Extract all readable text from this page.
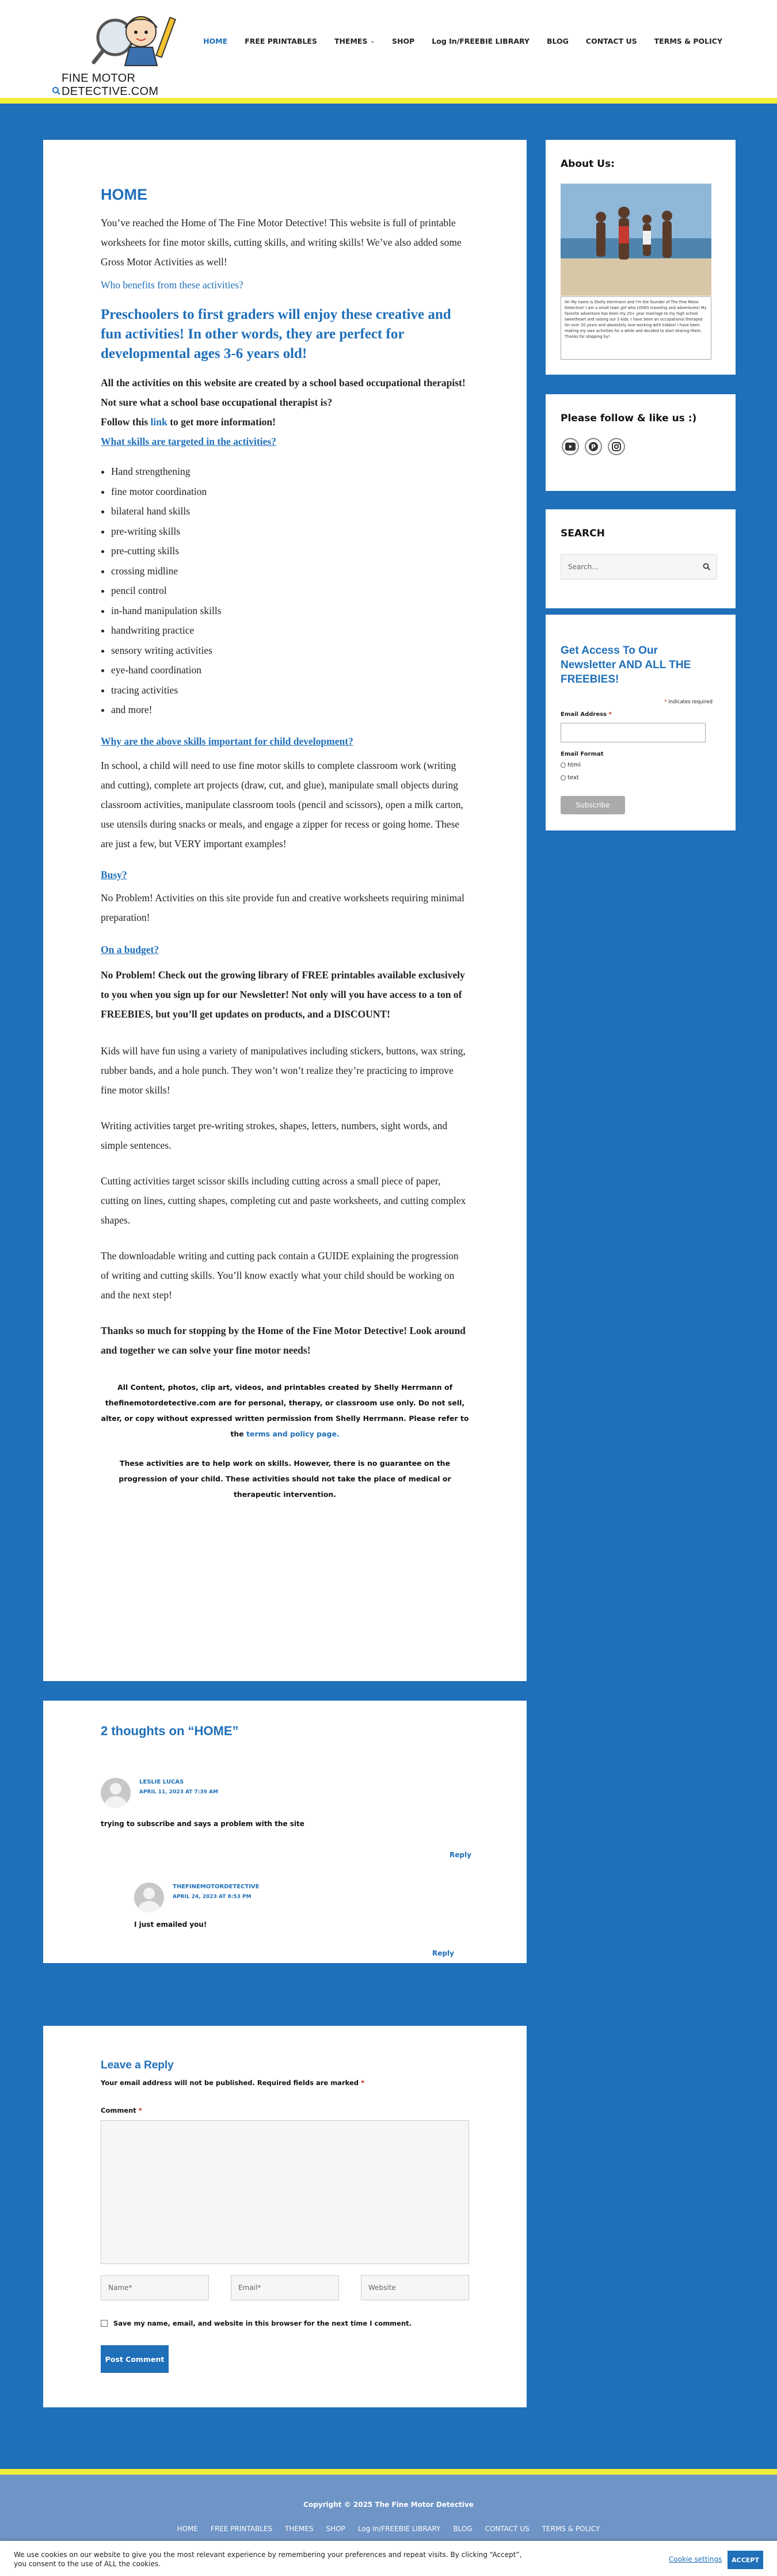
FINE MOTOR DETECTIVE.COM
HOME	FREE PRINTABLES	THEMES ⌄	SHOP	Log In/FREEBIE LIBRARY	BLOG	CONTACT US	TERMS & POLICY
HOME

You’ve reached the Home of The Fine Motor Detective! This website is full of printable worksheets for fine motor skills, cutting skills, and writing skills! We’ve also added some Gross Motor Activities as well!

Who benefits from these activities?

Preschoolers to first graders will enjoy these creative and fun activities! In other words, they are perfect for developmental ages 3-6 years old!

All the activities on this website are created by a school based occupational therapist! Not sure what a school base occupational therapist is?

Follow this link to get more information!

What skills are targeted in the activities?

• Hand strengthening
• fine motor coordination
• bilateral hand skills
• pre-writing skills
• pre-cutting skills
• crossing midline
• pencil control
• in-hand manipulation skills
• handwriting practice
• sensory writing activities
• eye-hand coordination
• tracing activities
• and more!

Why are the above skills important for child development?

In school, a child will need to use fine motor skills to complete classroom work (writing and cutting), complete art projects (draw, cut, and glue), manipulate small objects during classroom activities, manipulate classroom tools (pencil and scissors), open a milk carton, use utensils during snacks or meals, and engage a zipper for recess or going home. These are just a few, but VERY important examples!

Busy?

No Problem! Activities on this site provide fun and creative worksheets requiring minimal preparation!

On a budget?

No Problem! Check out the growing library of FREE printables available exclusively to you when you sign up for our Newsletter! Not only will you have access to a ton of FREEBIES, but you’ll get updates on products, and a DISCOUNT!

Kids will have fun using a variety of manipulatives including stickers, buttons, wax string, rubber bands, and a hole punch. They won’t won’t realize they’re practicing to improve fine motor skills!

Writing activities target pre-writing strokes, shapes, letters, numbers, sight words, and simple sentences.

Cutting activities target scissor skills including cutting across a small piece of paper, cutting on lines, cutting shapes, completing cut and paste worksheets, and cutting complex shapes.

The downloadable writing and cutting pack contain a GUIDE explaining the progression of writing and cutting skills. You’ll know exactly what your child should be working on and the next step!

Thanks so much for stopping by the Home of the Fine Motor Detective! Look around and together we can solve your fine motor needs!

All Content, photos, clip art, videos, and printables created by Shelly Herrmann of thefinemotordetective.com are for personal, therapy, or classroom use only. Do not sell, alter, or copy without expressed written permission from Shelly Herrmann. Please refer to the terms and policy page.

These activities are to help work on skills. However, there is no guarantee on the progression of your child. These activities should not take the place of medical or therapeutic intervention.

About Us:
Hi! My name is Shelly Herrmann and I'm the founder of The Fine Motor Detective! I am a small town girl who LOVES traveling and adventures! My favorite adventure has been my 20+ year marriage to my high school sweetheart and raising our 3 kids. I have been an occupational therapist for over 20 years and absolutely love working with kiddos! I have been making my own activities for a while and decided to start sharing them. Thanks for stopping by!
Please follow & like us :)
P
SEARCH
Search...
Get Access To Our Newsletter AND ALL THE FREEBIES!
* indicates required
Email Address *
Email Format
html
text
Subscribe
2 thoughts on “HOME”
LESLIE LUCAS
APRIL 11, 2023 AT 7:39 AM
trying to subscribe and says a problem with the site
Reply
THEFINEMOTORDETECTIVE
APRIL 24, 2023 AT 8:53 PM
I just emailed you!
Reply
Leave a Reply
Your email address will not be published. Required fields are marked *
Comment *
Name*	Email*	Website
Save my name, email, and website in this browser for the next time I comment.
Post Comment
Copyright © 2025 The Fine Motor Detective
HOME FREE PRINTABLES THEMES SHOP Log In/FREEBIE LIBRARY BLOG CONTACT US TERMS & POLICY
We use cookies on our website to give you the most relevant experience by remembering your preferences and repeat visits. By clicking “Accept”, you consent to the use of ALL the cookies.
Cookie settings	ACCEPT
